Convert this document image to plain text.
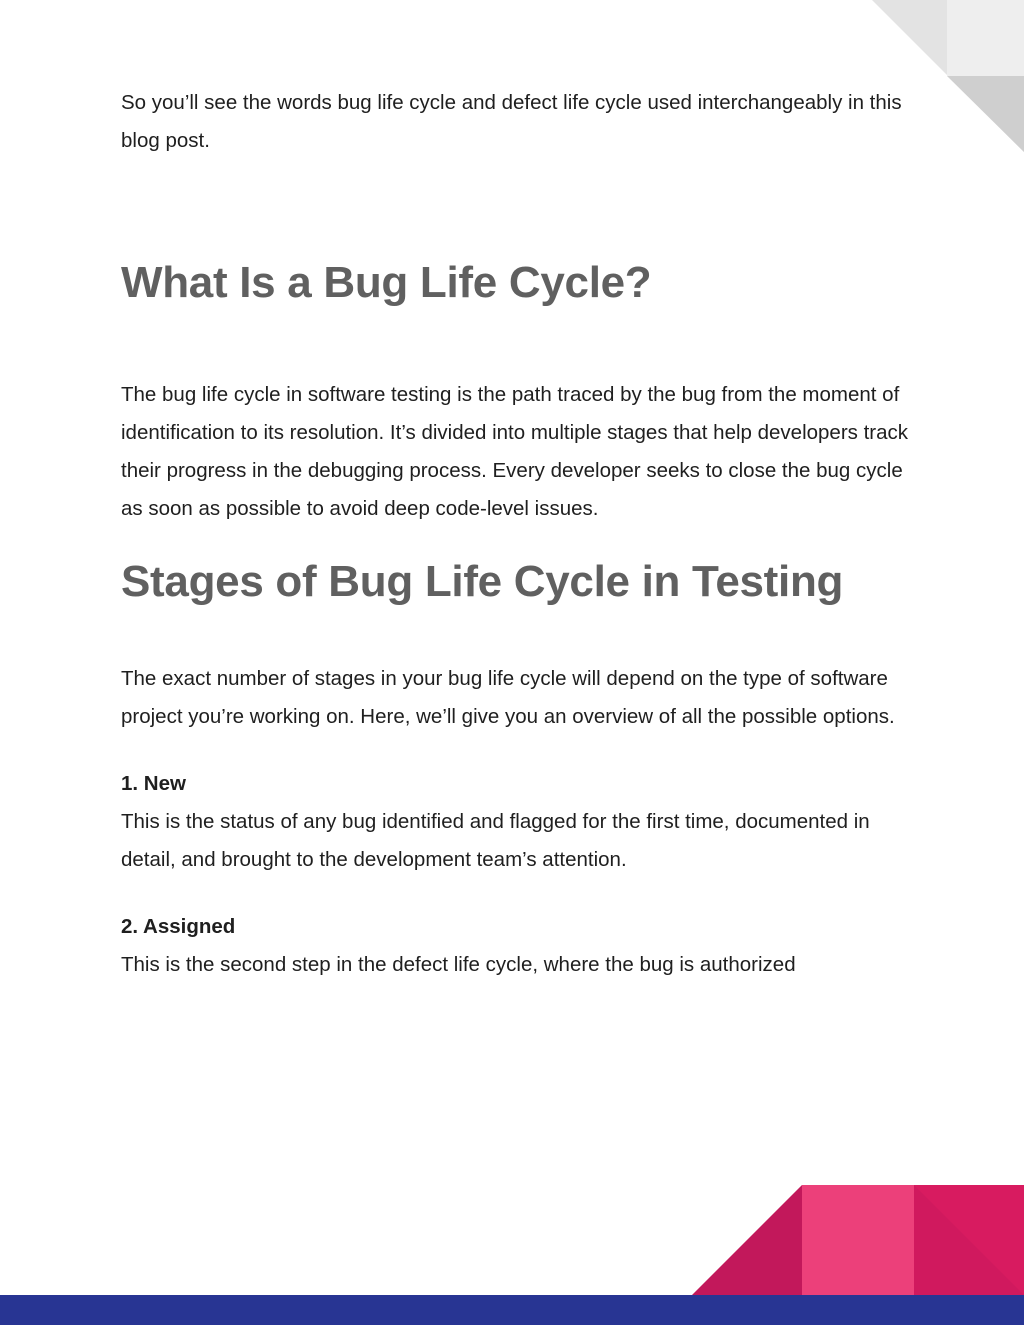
So you’ll see the words bug life cycle and defect life cycle used interchangeably in this blog post.

What Is a Bug Life Cycle?

The bug life cycle in software testing is the path traced by the bug from the moment of identification to its resolution. It’s divided into multiple stages that help developers track their progress in the debugging process. Every developer seeks to close the bug cycle as soon as possible to avoid deep code-level issues.

Stages of Bug Life Cycle in Testing

The exact number of stages in your bug life cycle will depend on the type of software project you’re working on. Here, we’ll give you an overview of all the possible options.

1. New

This is the status of any bug identified and flagged for the first time, documented in detail, and brought to the development team’s attention.

2. Assigned

This is the second step in the defect life cycle, where the bug is authorized
